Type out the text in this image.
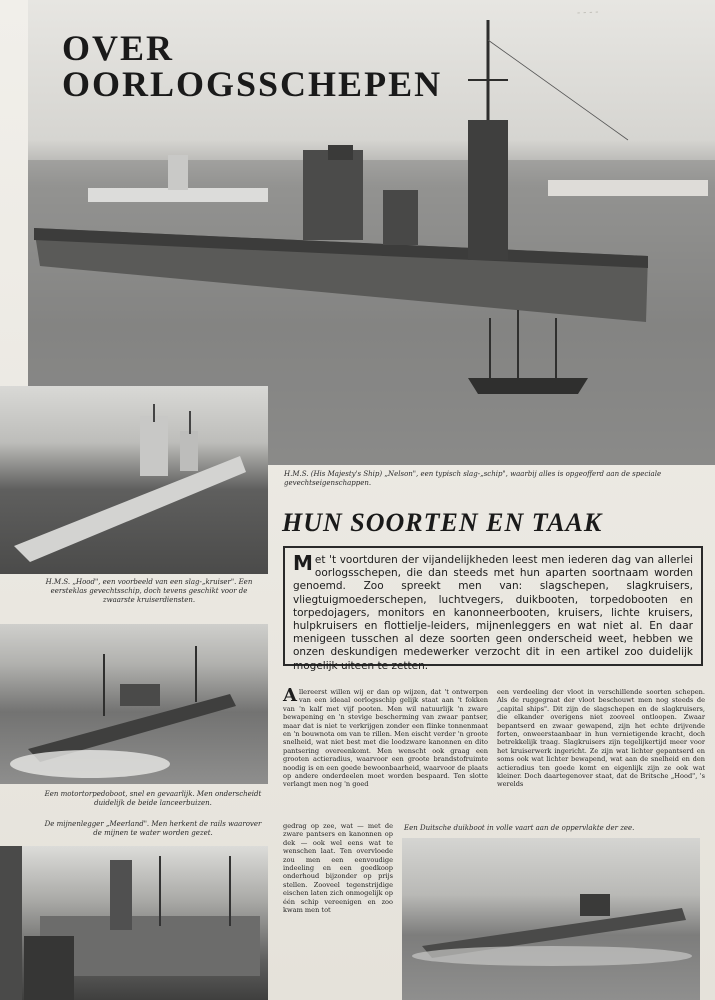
- - - -
OVER
OORLOGSSCHEPEN
H.M.S. (His Majesty's Ship) „Nelson", een typisch slag-„schip", waarbij alles is opgeofferd aan de speciale gevechtseigenschappen.
H.M.S. „Hood", een voorbeeld van een slag-„kruiser". Een eersteklas gevechtsschip, doch tevens geschikt voor de zwaarste kruiserdiensten.
Een motortorpedoboot, snel en gevaarlijk. Men onderscheidt duidelijk de beide lanceerbuizen.
De mijnenlegger „Meerland". Men herkent de rails waarover de mijnen te water worden gezet.
HUN SOORTEN EN TAAK
Met 't voortduren der vijandelijkheden leest men iederen dag van allerlei oorlogsschepen, die dan steeds met hun aparten soortnaam worden genoemd. Zoo spreekt men van: slagschepen, slagkruisers, vliegtuigmoederschepen, luchtvegers, duikbooten, torpedobooten en torpedojagers, monitors en kanonneerbooten, kruisers, lichte kruisers, hulpkruisers en flottielje-leiders, mijnenleggers en wat niet al. En daar menigeen tusschen al deze soorten geen onderscheid weet, hebben we onzen deskundigen medewerker verzocht dit in een artikel zoo duidelijk mogelijk uiteen te zetten.
Allereerst willen wij er dan op wijzen, dat 't ontwerpen van een ideaal oorlogsschip gelijk staat aan 't fokken van 'n kalf met vijf pooten. Men wil natuurlijk 'n zware bewapening en 'n stevige bescherming van zwaar pantser, maar dat is niet te verkrijgen zonder een flinke tonnenmaat en 'n bouwnota om van te rillen. Men eischt verder 'n groote snelheid, wat niet best met die loodzware kanonnen en dito pantsering overeenkomt. Men wenscht ook graag een grooten actieradius, waarvoor een groote brandstofruimte noodig is en een goede bewoonbaarheid, waarvoor de plaats op andere onderdeelen moet worden bespaard. Ten slotte verlangt men nog 'n goed
gedrag op zee, wat — met de zware pantsers en kanonnen op dek — ook wel eens wat te wenschen laat. Ten overvloede zou men een eenvoudige indeeling en een goedkoop onderhoud bijzonder op prijs stellen. Zooveel tegenstrijdige eischen laten zich onmogelijk op één schip vereenigen en zoo kwam men tot
een verdeeling der vloot in verschillende soorten schepen. Als de ruggegraat der vloot beschouwt men nog steeds de „capital ships". Dit zijn de slagschepen en de slagkruisers, die elkander overigens niet zooveel ontloopen. Zwaar bepantserd en zwaar gewapend, zijn het echte drijvende forten, onweerstaanbaar in hun vernietigende kracht, doch betrekkelijk traag. Slagkruisers zijn tegelijkertijd meer voor het kruiserwerk ingericht. Ze zijn wat lichter gepantserd en soms ook wat lichter bewapend, wat aan de snelheid en den actieradius ten goede komt en eigenlijk zijn ze ook wat kleiner. Doch daartegenover staat, dat de Britsche „Hood", 's werelds
Een Duitsche duikboot in volle vaart aan de oppervlakte der zee.
